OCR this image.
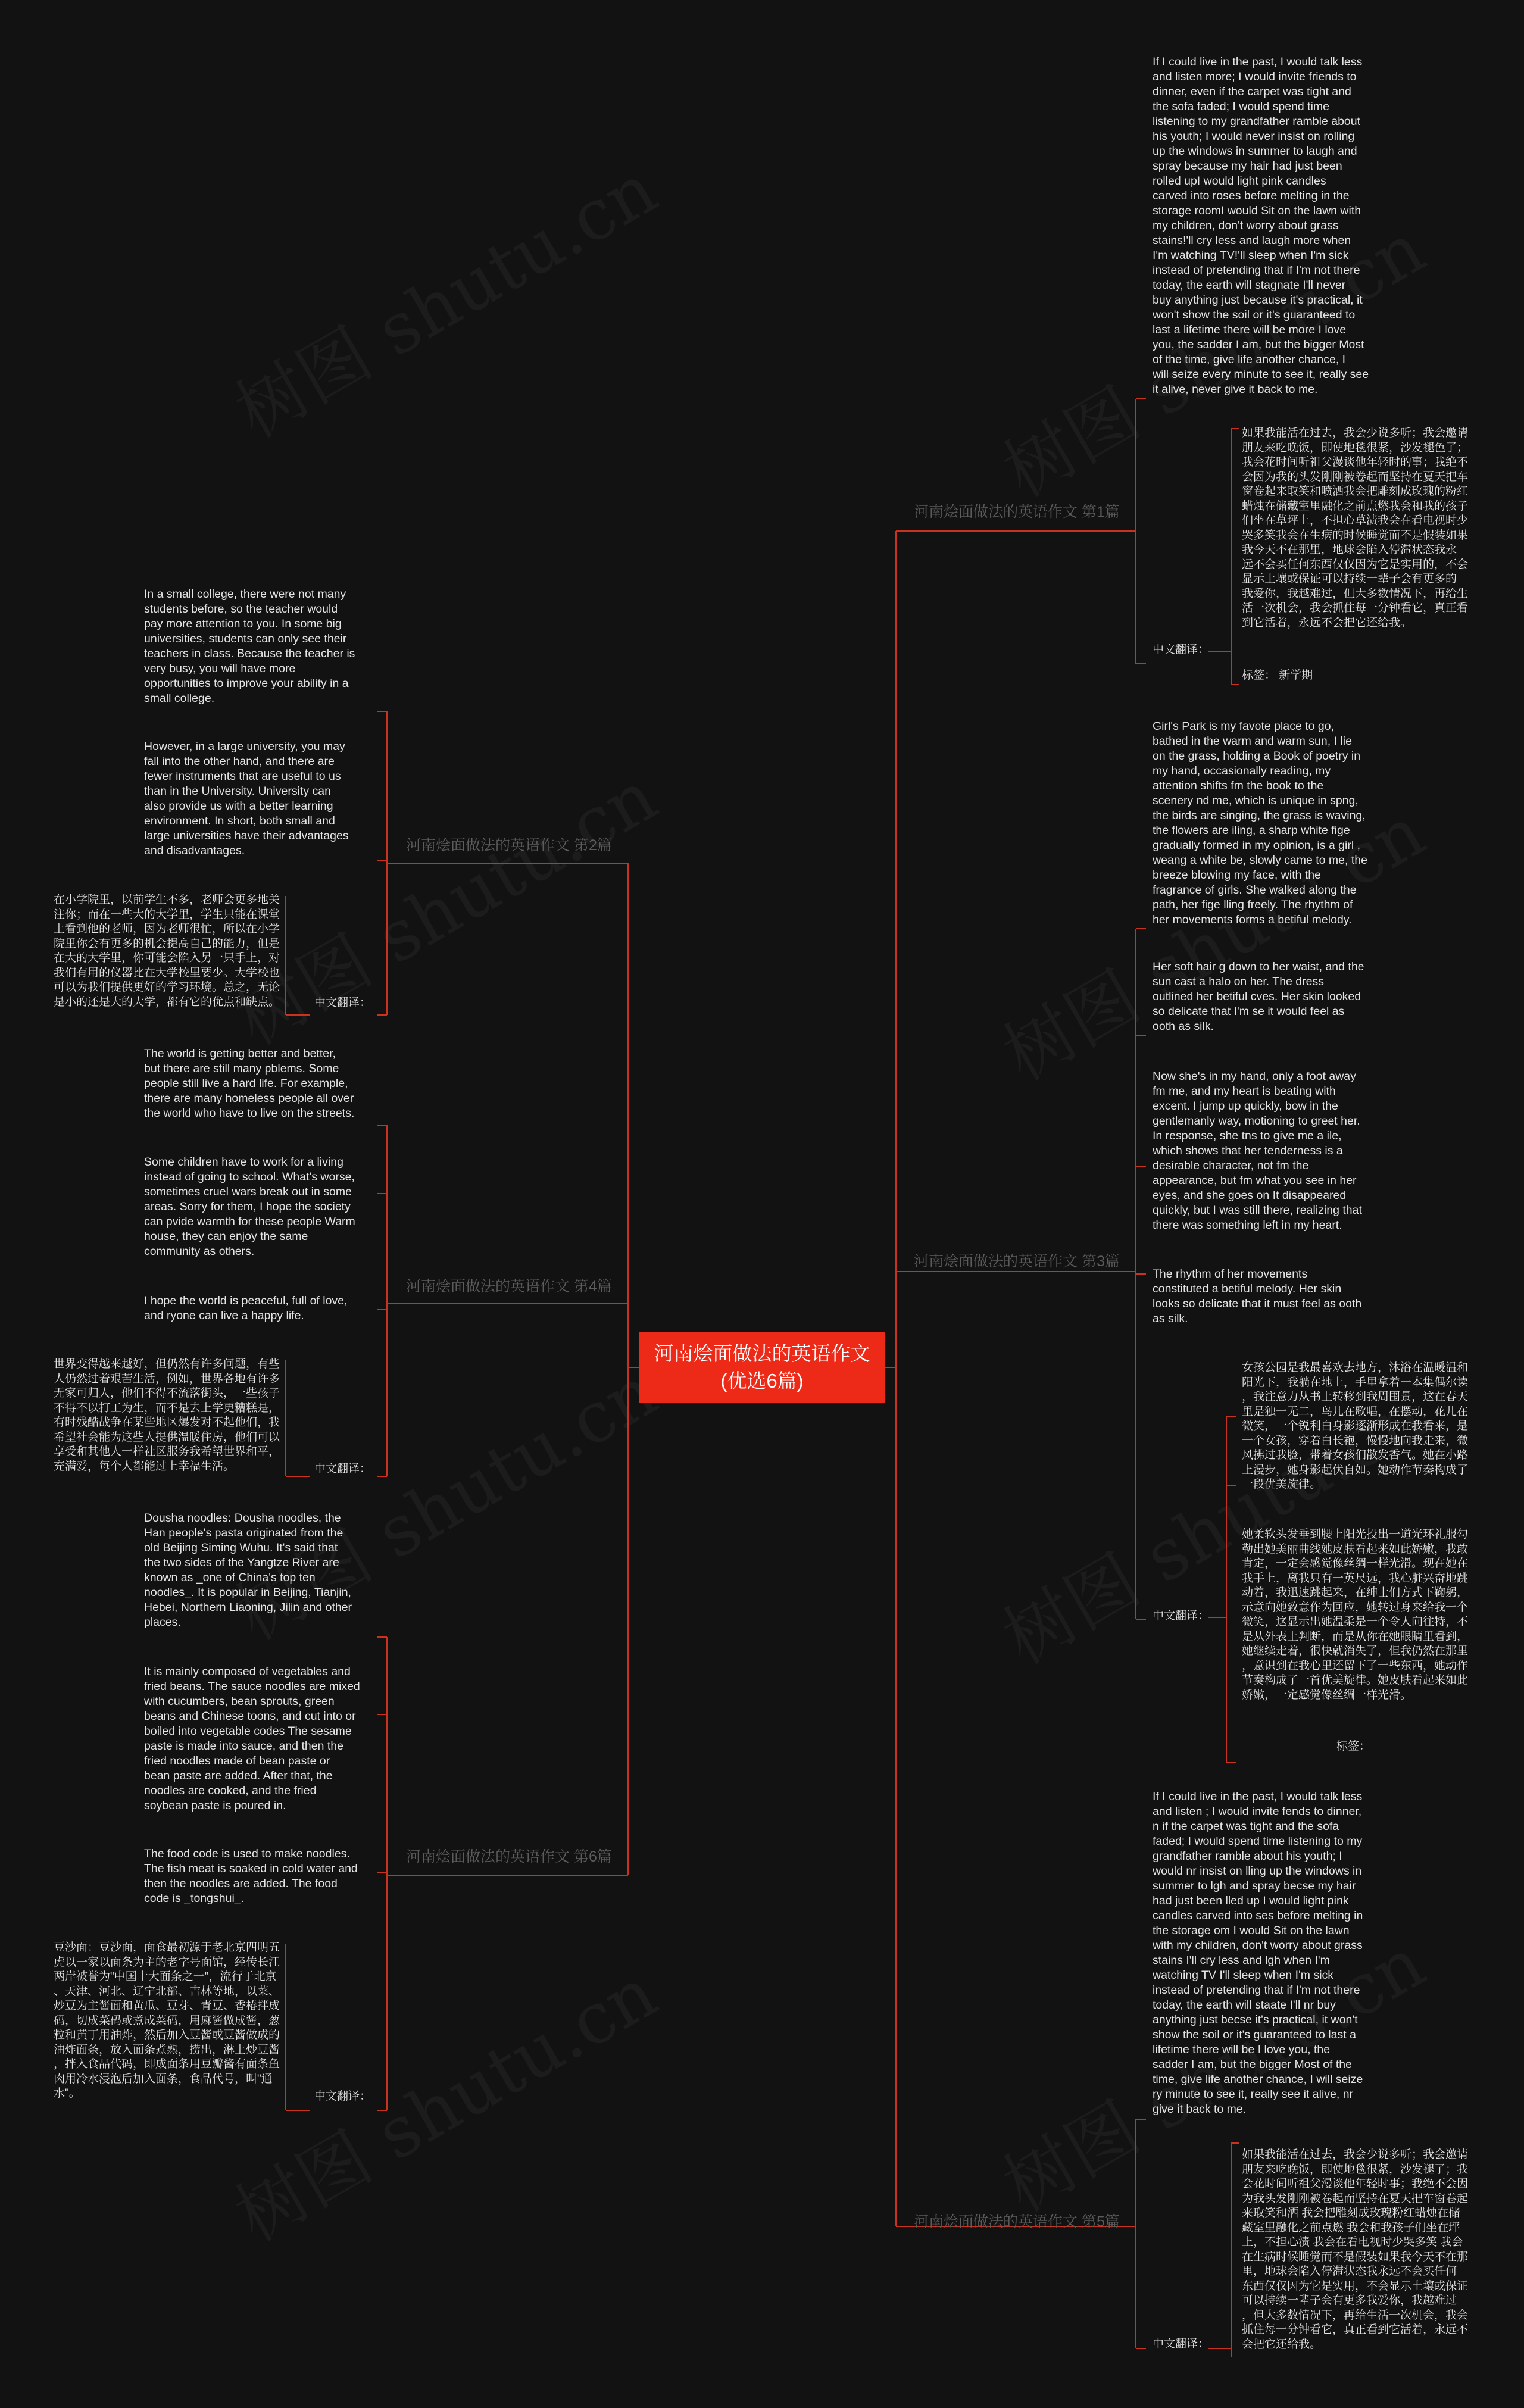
河南烩面做法的英语作文(优选6篇)
河南烩面做法的英语作文 第1篇
河南烩面做法的英语作文 第3篇
河南烩面做法的英语作文 第5篇
河南烩面做法的英语作文 第2篇
河南烩面做法的英语作文 第4篇
河南烩面做法的英语作文 第6篇

If I could live in the past, I would talk less
and listen more; I would invite friends to
dinner, even if the carpet was tight and
the sofa faded; I would spend time
listening to my grandfather ramble about
his youth; I would never insist on rolling
up the windows in summer to laugh and
spray because my hair had just been
rolled upI would light pink candles
carved into roses before melting in the
storage roomI would Sit on the lawn with
my children, don't worry about grass
stains!'ll cry less and laugh more when
I'm watching TV!'ll sleep when I'm sick
instead of pretending that if I'm not there
today, the earth will stagnate I'll never
buy anything just because it's practical, it
won't show the soil or it's guaranteed to
last a lifetime there will be more I love
you, the sadder I am, but the bigger Most
of the time, give life another chance, I
will seize every minute to see it, really see
it alive, never give it back to me.

如果我能活在过去，我会少说多听；我会邀请
朋友来吃晚饭，即使地毯很紧，沙发褪色了；
我会花时间听祖父漫谈他年轻时的事；我绝不
会因为我的头发刚刚被卷起而坚持在夏天把车
窗卷起来取笑和喷洒我会把雕刻成玫瑰的粉红
蜡烛在储藏室里融化之前点燃我会和我的孩子
们坐在草坪上，不担心草渍我会在看电视时少
哭多笑我会在生病的时候睡觉而不是假装如果
我今天不在那里，地球会陷入停滞状态我永
远不会买任何东西仅仅因为它是实用的，不会
显示土壤或保证可以持续一辈子会有更多的
我爱你，我越难过，但大多数情况下，再给生
活一次机会，我会抓住每一分钟看它，真正看
到它活着，永远不会把它还给我。

中文翻译：
标签： 新学期

Girl's Park is my favote place to go,
bathed in the warm and warm sun, I lie
on the grass, holding a Book of poetry in
my hand, occasionally reading, my
attention shifts fm the book to the
scenery nd me, which is unique in spng,
the birds are singing, the grass is waving,
the flowers are iling, a sharp white fige
gradually formed in my opinion, is a girl ,
weang a white be, slowly came to me, the
breeze blowing my face, with the
fragrance of girls. She walked along the
path, her fige lling freely. The rhythm of
her movements forms a betiful melody.

Her soft hair g down to her waist, and the
sun cast a halo on her. The dress
outlined her betiful cves. Her skin looked
so delicate that I'm se it would feel as
ooth as silk.

Now she's in my hand, only a foot away
fm me, and my heart is beating with
excent. I jump up quickly, bow in the
gentlemanly way, motioning to greet her.
In response, she tns to give me a ile,
which shows that her tenderness is a
desirable character, not fm the
appearance, but fm what you see in her
eyes, and she goes on It disappeared
quickly, but I was still there, realizing that
there was something left in my heart.

The rhythm of her movements
constituted a betiful melody. Her skin
looks so delicate that it must feel as ooth
as silk.

女孩公园是我最喜欢去地方，沐浴在温暖温和
阳光下，我躺在地上，手里拿着一本集偶尔读
，我注意力从书上转移到我周围景，这在春天
里是独一无二，鸟儿在歌唱，在摆动，花儿在
微笑，一个锐利白身影逐渐形成在我看来，是
一个女孩，穿着白长袍，慢慢地向我走来，微
风拂过我脸，带着女孩们散发香气。她在小路
上漫步，她身影起伏自如。她动作节奏构成了
一段优美旋律。

她柔软头发垂到腰上阳光投出一道光环礼服勾
勒出她美丽曲线她皮肤看起来如此娇嫩，我敢
肯定，一定会感觉像丝绸一样光滑。现在她在
我手上，离我只有一英尺远，我心脏兴奋地跳
动着，我迅速跳起来，在绅士们方式下鞠躬，
示意向她致意作为回应，她转过身来给我一个
微笑，这显示出她温柔是一个令人向往特，不
是从外表上判断，而是从你在她眼睛里看到，
她继续走着，很快就消失了，但我仍然在那里
，意识到在我心里还留下了一些东西，她动作
节奏构成了一首优美旋律。她皮肤看起来如此
娇嫩，一定感觉像丝绸一样光滑。

中文翻译：
标签：

If I could live in the past, I would talk less
and listen ; I would invite fends to dinner,
n if the carpet was tight and the sofa
faded; I would spend time listening to my
grandfather ramble about his youth; I
would nr insist on lling up the windows in
summer to lgh and spray becse my hair
had just been lled up I would light pink
candles carved into ses before melting in
the storage om I would Sit on the lawn
with my children, don't worry about grass
stains I'll cry less and lgh when I'm
watching TV I'll sleep when I'm sick
instead of pretending that if I'm not there
today, the earth will staate I'll nr buy
anything just becse it's practical, it won't
show the soil or it's guaranteed to last a
lifetime there will be I love you, the
sadder I am, but the bigger Most of the
time, give life another chance, I will seize
ry minute to see it, really see it alive, nr
give it back to me.

如果我能活在过去，我会少说多听；我会邀请
朋友来吃晚饭，即使地毯很紧，沙发褪了；我
会花时间听祖父漫谈他年轻时事；我绝不会因
为我头发刚刚被卷起而坚持在夏天把车窗卷起
来取笑和洒 我会把雕刻成玫瑰粉红蜡烛在储
藏室里融化之前点燃 我会和我孩子们坐在坪
上，不担心渍 我会在看电视时少哭多笑 我会
在生病时候睡觉而不是假装如果我今天不在那
里，地球会陷入停滞状态我永远不会买任何
东西仅仅因为它是实用，不会显示土壤或保证
可以持续一辈子会有更多我爱你，我越难过
，但大多数情况下，再给生活一次机会，我会
抓住每一分钟看它，真正看到它活着，永远不
会把它还给我。

中文翻译：

In a small college, there were not many
students before, so the teacher would
pay more attention to you. In some big
universities, students can only see their
teachers in class. Because the teacher is
very busy, you will have more
opportunities to improve your ability in a
small college.

However, in a large university, you may
fall into the other hand, and there are
fewer instruments that are useful to us
than in the University. University can
also provide us with a better learning
environment. In short, both small and
large universities have their advantages
and disadvantages.

在小学院里，以前学生不多，老师会更多地关
注你；而在一些大的大学里，学生只能在课堂
上看到他的老师，因为老师很忙，所以在小学
院里你会有更多的机会提高自己的能力，但是
在大的大学里，你可能会陷入另一只手上，对
我们有用的仪器比在大学校里要少。大学校也
可以为我们提供更好的学习环境。总之，无论
是小的还是大的大学，都有它的优点和缺点。	中文翻译：

The world is getting better and better,
but there are still many pblems. Some
people still live a hard life. For example,
there are many homeless people all over
the world who have to live on the streets.

Some children have to work for a living
instead of going to school. What's worse,
sometimes cruel wars break out in some
areas. Sorry for them, I hope the society
can pvide warmth for these people Warm
house, they can enjoy the same
community as others.

I hope the world is peaceful, full of love,
and ryone can live a happy life.

世界变得越来越好，但仍然有许多问题，有些
人仍然过着艰苦生活，例如，世界各地有许多
无家可归人，他们不得不流落街头，一些孩子
不得不以打工为生，而不是去上学更糟糕是，
有时残酷战争在某些地区爆发对不起他们，我
希望社会能为这些人提供温暖住房，他们可以
享受和其他人一样社区服务我希望世界和平，
充满爱，每个人都能过上幸福生活。	中文翻译：

Dousha noodles: Dousha noodles, the
Han people's pasta originated from the
old Beijing Siming Wuhu. It's said that
the two sides of the Yangtze River are
known as _one of China's top ten
noodles_. It is popular in Beijing, Tianjin,
Hebei, Northern Liaoning, Jilin and other
places.

It is mainly composed of vegetables and
fried beans. The sauce noodles are mixed
with cucumbers, bean sprouts, green
beans and Chinese toons, and cut into or
boiled into vegetable codes The sesame
paste is made into sauce, and then the
fried noodles made of bean paste or
bean paste are added. After that, the
noodles are cooked, and the fried
soybean paste is poured in.

The food code is used to make noodles.
The fish meat is soaked in cold water and
then the noodles are added. The food
code is _tongshui_.

豆沙面：豆沙面，面食最初源于老北京四明五
虎以一家以面条为主的老字号面馆，经传长江
两岸被誉为"中国十大面条之一"，流行于北京
、天津、河北、辽宁北部、吉林等地，以菜、
炒豆为主酱面和黄瓜、豆芽、青豆、香椿拌成
码，切成菜码或煮成菜码，用麻酱做成酱，葱
粒和黄丁用油炸，然后加入豆酱或豆酱做成的
油炸面条，放入面条煮熟，捞出，淋上炒豆酱
，拌入食品代码，即成面条用豆瓣酱有面条鱼
肉用冷水浸泡后加入面条，食品代号，叫"通
水"。	中文翻译：
